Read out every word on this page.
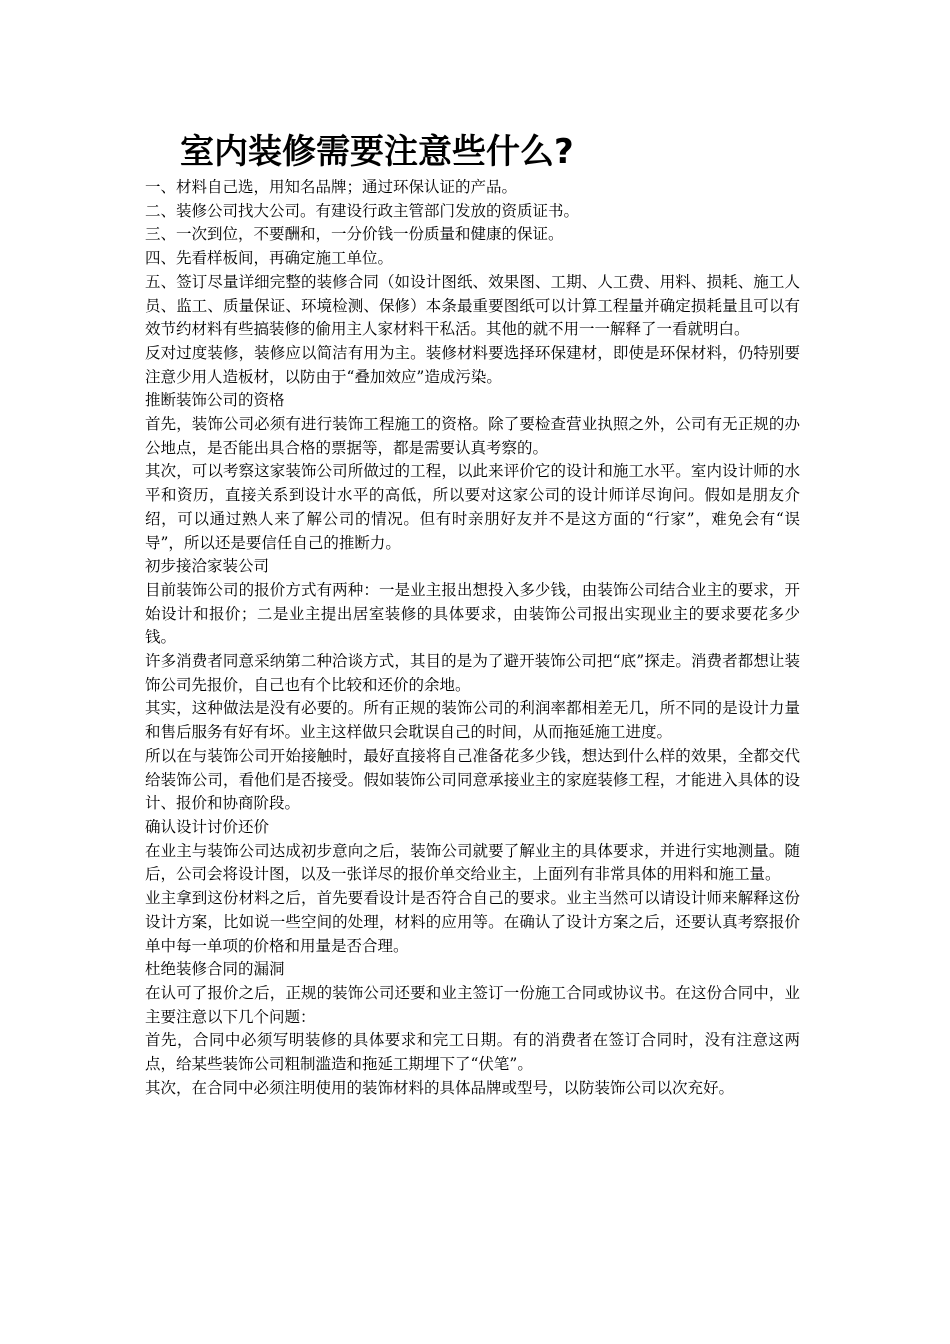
室内装修需要注意些什么?

一、材料自己选，用知名品牌；通过环保认证的产品。

二、装修公司找大公司。有建设行政主管部门发放的资质证书。

三、一次到位，不要酬和，一分价钱一份质量和健康的保证。

四、先看样板间，再确定施工单位。

五、签订尽量详细完整的装修合同（如设计图纸、效果图、工期、人工费、用料、损耗、施工人员、监工、质量保证、环境检测、保修）本条最重要图纸可以计算工程量并确定损耗量且可以有效节约材料有些搞装修的偷用主人家材料干私活。其他的就不用一一解释了一看就明白。

反对过度装修，装修应以简洁有用为主。装修材料要选择环保建材，即使是环保材料，仍特别要注意少用人造板材，以防由于“叠加效应”造成污染。

推断装饰公司的资格

首先，装饰公司必须有进行装饰工程施工的资格。除了要检查营业执照之外，公司有无正规的办公地点，是否能出具合格的票据等，都是需要认真考察的。

其次，可以考察这家装饰公司所做过的工程，以此来评价它的设计和施工水平。室内设计师的水平和资历，直接关系到设计水平的高低，所以要对这家公司的设计师详尽询问。假如是朋友介绍，可以通过熟人来了解公司的情况。但有时亲朋好友并不是这方面的“行家”，难免会有“误导”，所以还是要信任自己的推断力。

初步接洽家装公司

目前装饰公司的报价方式有两种：一是业主报出想投入多少钱，由装饰公司结合业主的要求，开始设计和报价；二是业主提出居室装修的具体要求，由装饰公司报出实现业主的要求要花多少钱。

许多消费者同意采纳第二种洽谈方式，其目的是为了避开装饰公司把“底”探走。消费者都想让装饰公司先报价，自己也有个比较和还价的余地。

其实，这种做法是没有必要的。所有正规的装饰公司的利润率都相差无几，所不同的是设计力量和售后服务有好有坏。业主这样做只会耽误自己的时间，从而拖延施工进度。

所以在与装饰公司开始接触时，最好直接将自己准备花多少钱，想达到什么样的效果，全都交代给装饰公司，看他们是否接受。假如装饰公司同意承接业主的家庭装修工程，才能进入具体的设计、报价和协商阶段。

确认设计讨价还价

在业主与装饰公司达成初步意向之后，装饰公司就要了解业主的具体要求，并进行实地测量。随后，公司会将设计图，以及一张详尽的报价单交给业主，上面列有非常具体的用料和施工量。

业主拿到这份材料之后，首先要看设计是否符合自己的要求。业主当然可以请设计师来解释这份设计方案，比如说一些空间的处理，材料的应用等。在确认了设计方案之后，还要认真考察报价单中每一单项的价格和用量是否合理。

杜绝装修合同的漏洞

在认可了报价之后，正规的装饰公司还要和业主签订一份施工合同或协议书。在这份合同中，业主要注意以下几个问题：

首先，合同中必须写明装修的具体要求和完工日期。有的消费者在签订合同时，没有注意这两点，给某些装饰公司粗制滥造和拖延工期埋下了“伏笔”。

其次，在合同中必须注明使用的装饰材料的具体品牌或型号，以防装饰公司以次充好。
